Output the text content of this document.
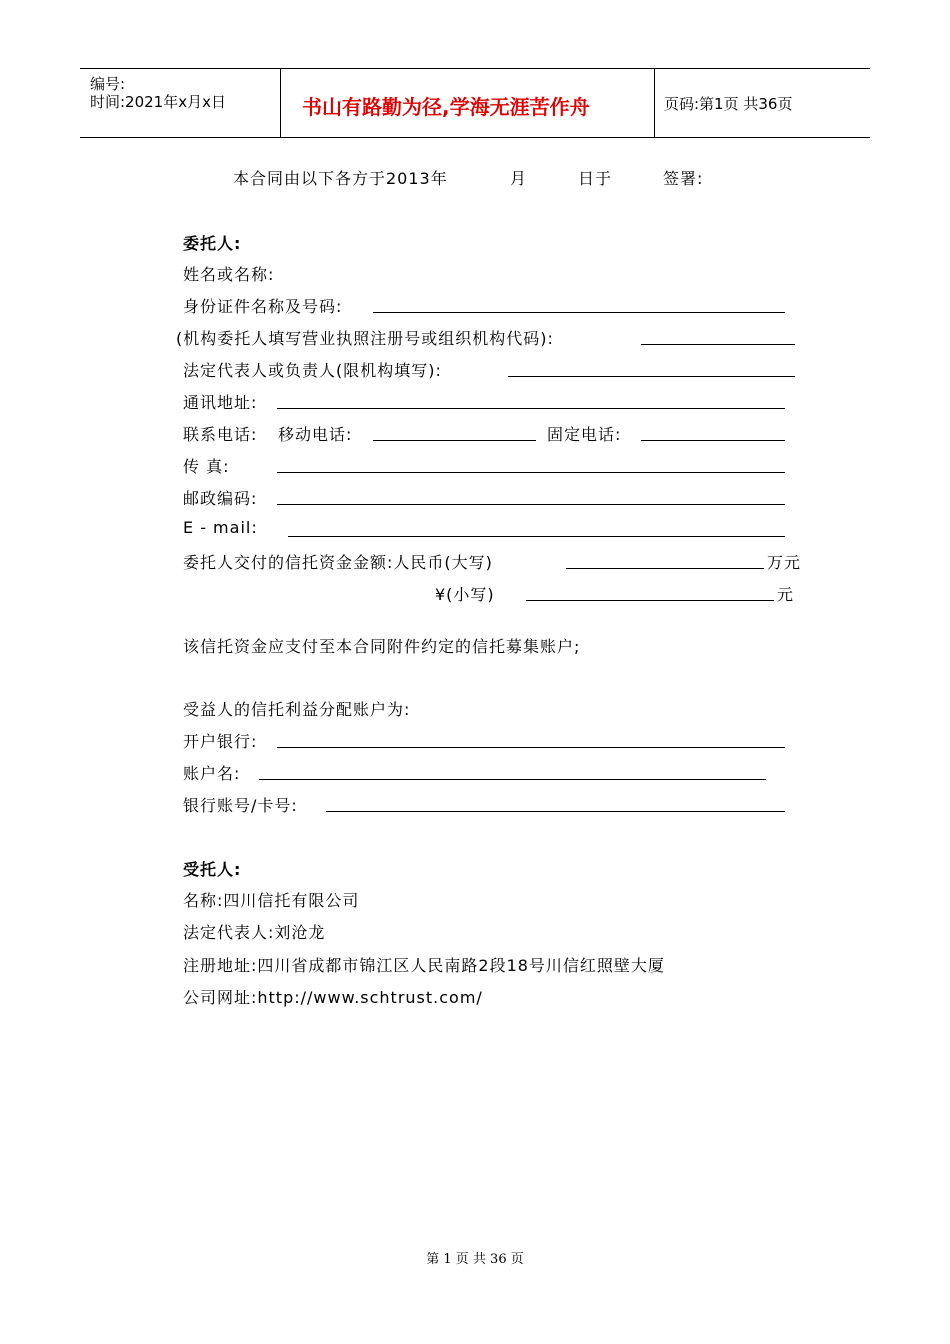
编号:
时间:2021年x月x日	书山有路勤为径,学海无涯苦作舟	页码:第1页 共36页
本合同由以下各方于2013年	月	日于	签署:
委托人:
姓名或名称:
身份证件名称及号码:
(机构委托人填写营业执照注册号或组织机构代码):
法定代表人或负责人(限机构填写):
通讯地址:
联系电话: 移动电话:	固定电话:
传 真:
邮政编码:
E - mail:
委托人交付的信托资金金额:人民币(大写)	万元
¥(小写)	元
该信托资金应支付至本合同附件约定的信托募集账户;
受益人的信托利益分配账户为:
开户银行:
账户名:
银行账号/卡号:
受托人:
名称:四川信托有限公司
法定代表人:刘沧龙
注册地址:四川省成都市锦江区人民南路2段18号川信红照壁大厦
公司网址:http://www.schtrust.com/
第 1 页 共 36 页
